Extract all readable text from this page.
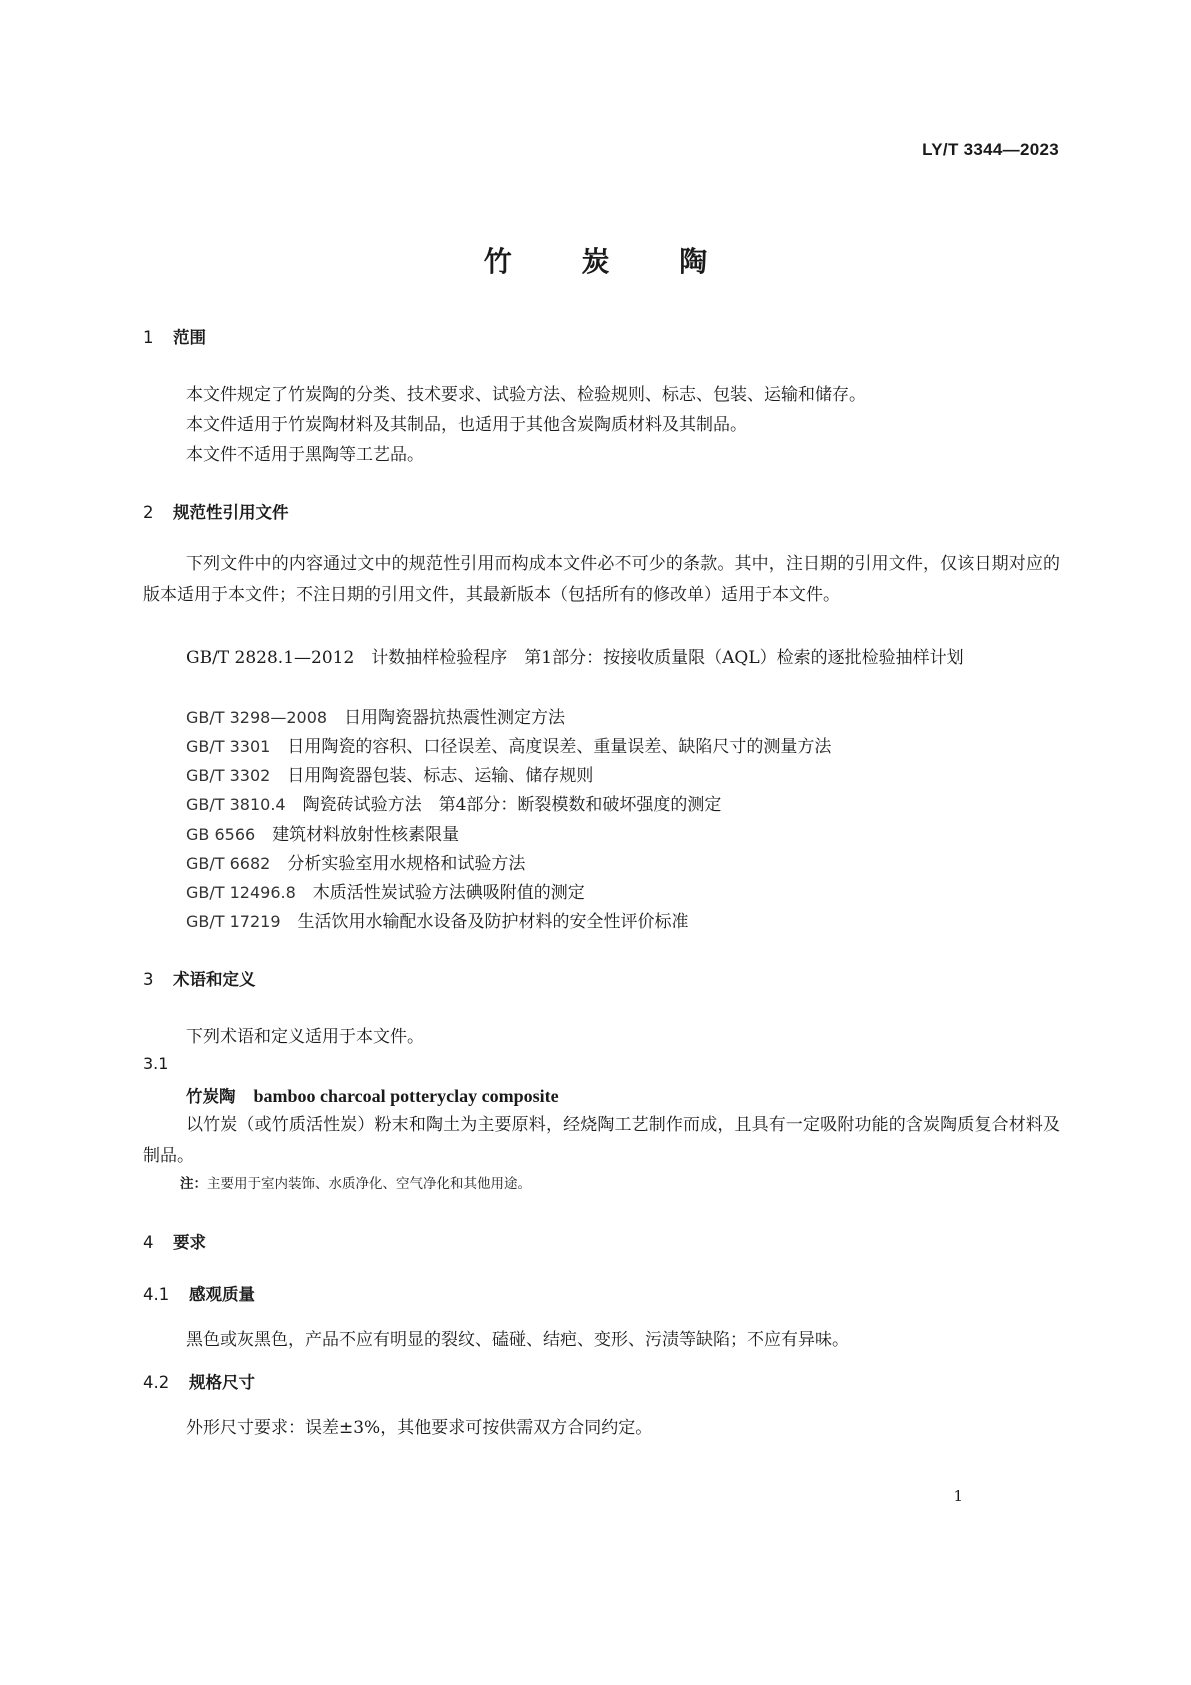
LY/T 3344—2023
竹 炭 陶
1 范围
本文件规定了竹炭陶的分类、技术要求、试验方法、检验规则、标志、包装、运输和储存。
本文件适用于竹炭陶材料及其制品，也适用于其他含炭陶质材料及其制品。
本文件不适用于黑陶等工艺品。
2 规范性引用文件
下列文件中的内容通过文中的规范性引用而构成本文件必不可少的条款。其中，注日期的引用文件，仅该日期对应的版本适用于本文件；不注日期的引用文件，其最新版本（包括所有的修改单）适用于本文件。
GB/T 2828.1—2012　 计数抽样检验程序　第1部分：按接收质量限（AQL）检索的逐批检验抽样计划
GB/T 3298—2008　 日用陶瓷器抗热震性测定方法
GB/T 3301　 日用陶瓷的容积、口径误差、高度误差、重量误差、缺陷尺寸的测量方法
GB/T 3302　 日用陶瓷器包装、标志、运输、储存规则
GB/T 3810.4　 陶瓷砖试验方法　第4部分：断裂模数和破坏强度的测定
GB 6566　 建筑材料放射性核素限量
GB/T 6682　 分析实验室用水规格和试验方法
GB/T 12496.8　 木质活性炭试验方法碘吸附值的测定
GB/T 17219　 生活饮用水输配水设备及防护材料的安全性评价标准
3 术语和定义
下列术语和定义适用于本文件。
3.1
竹炭陶 bamboo charcoal potteryclay composite
以竹炭（或竹质活性炭）粉末和陶土为主要原料，经烧陶工艺制作而成，且具有一定吸附功能的含炭陶质复合材料及制品。
注：主要用于室内装饰、水质净化、空气净化和其他用途。
4 要求
4.1 感观质量
黑色或灰黑色，产品不应有明显的裂纹、磕碰、结疤、变形、污渍等缺陷；不应有异味。
4.2 规格尺寸
外形尺寸要求：误差±3%，其他要求可按供需双方合同约定。
1
